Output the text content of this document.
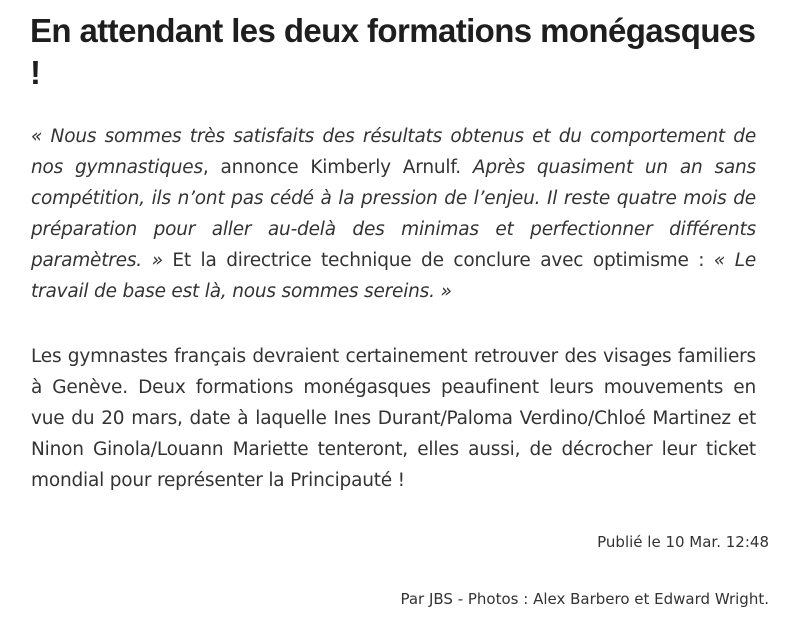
En attendant les deux formations monégasques !

« Nous sommes très satisfaits des résultats obtenus et du comportement de nos gymnastiques, annonce Kimberly Arnulf. Après quasiment un an sans compétition, ils n’ont pas cédé à la pression de l’enjeu. Il reste quatre mois de préparation pour aller au-delà des minimas et perfectionner différents paramètres. » Et la directrice technique de conclure avec optimisme : « Le travail de base est là, nous sommes sereins. »

Les gymnastes français devraient certainement retrouver des visages familiers à Genève. Deux formations monégasques peaufinent leurs mouvements en vue du 20 mars, date à laquelle Ines Durant/Paloma Verdino/Chloé Martinez et Ninon Ginola/Louann Mariette tenteront, elles aussi, de décrocher leur ticket mondial pour représenter la Principauté !

Publié le 10 Mar. 12:48

Par JBS - Photos : Alex Barbero et Edward Wright.
